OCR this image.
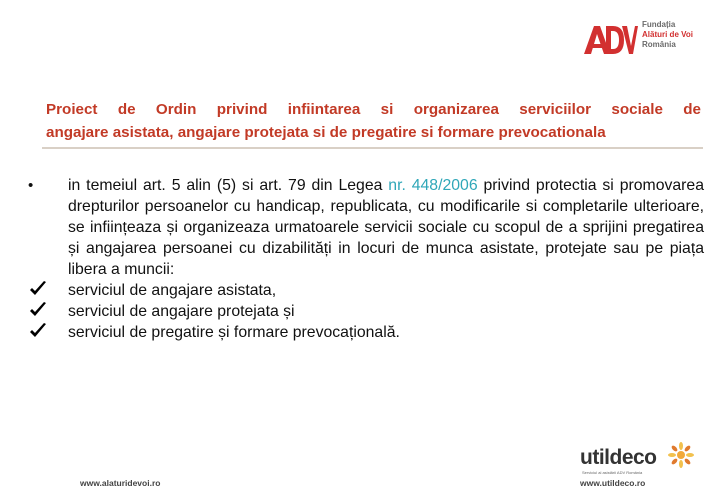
Fundația
Alături de Voi
România
Proiect de Ordin privind infiintarea si organizarea serviciilor sociale de
angajare asistata, angajare protejata si de pregatire si formare prevocationala
•	in temeiul art. 5 alin (5) si art. 79 din Legea nr. 448/2006 privind protectia si promovarea drepturilor persoanelor cu handicap, republicata, cu modificarile si completarile ulterioare, se inființeaza și organizeaza urmatoarele servicii sociale cu scopul de a sprijini pregatirea și angajarea persoanei cu dizabilități in locuri de munca asistate, protejate sau pe piața libera a muncii:
serviciul de angajare asistata,
serviciul de angajare protejata și
serviciul de pregatire și formare prevocațională.
www.alaturidevoi.ro
utildeco
Serviciul al asistării ADV România
www.utildeco.ro
